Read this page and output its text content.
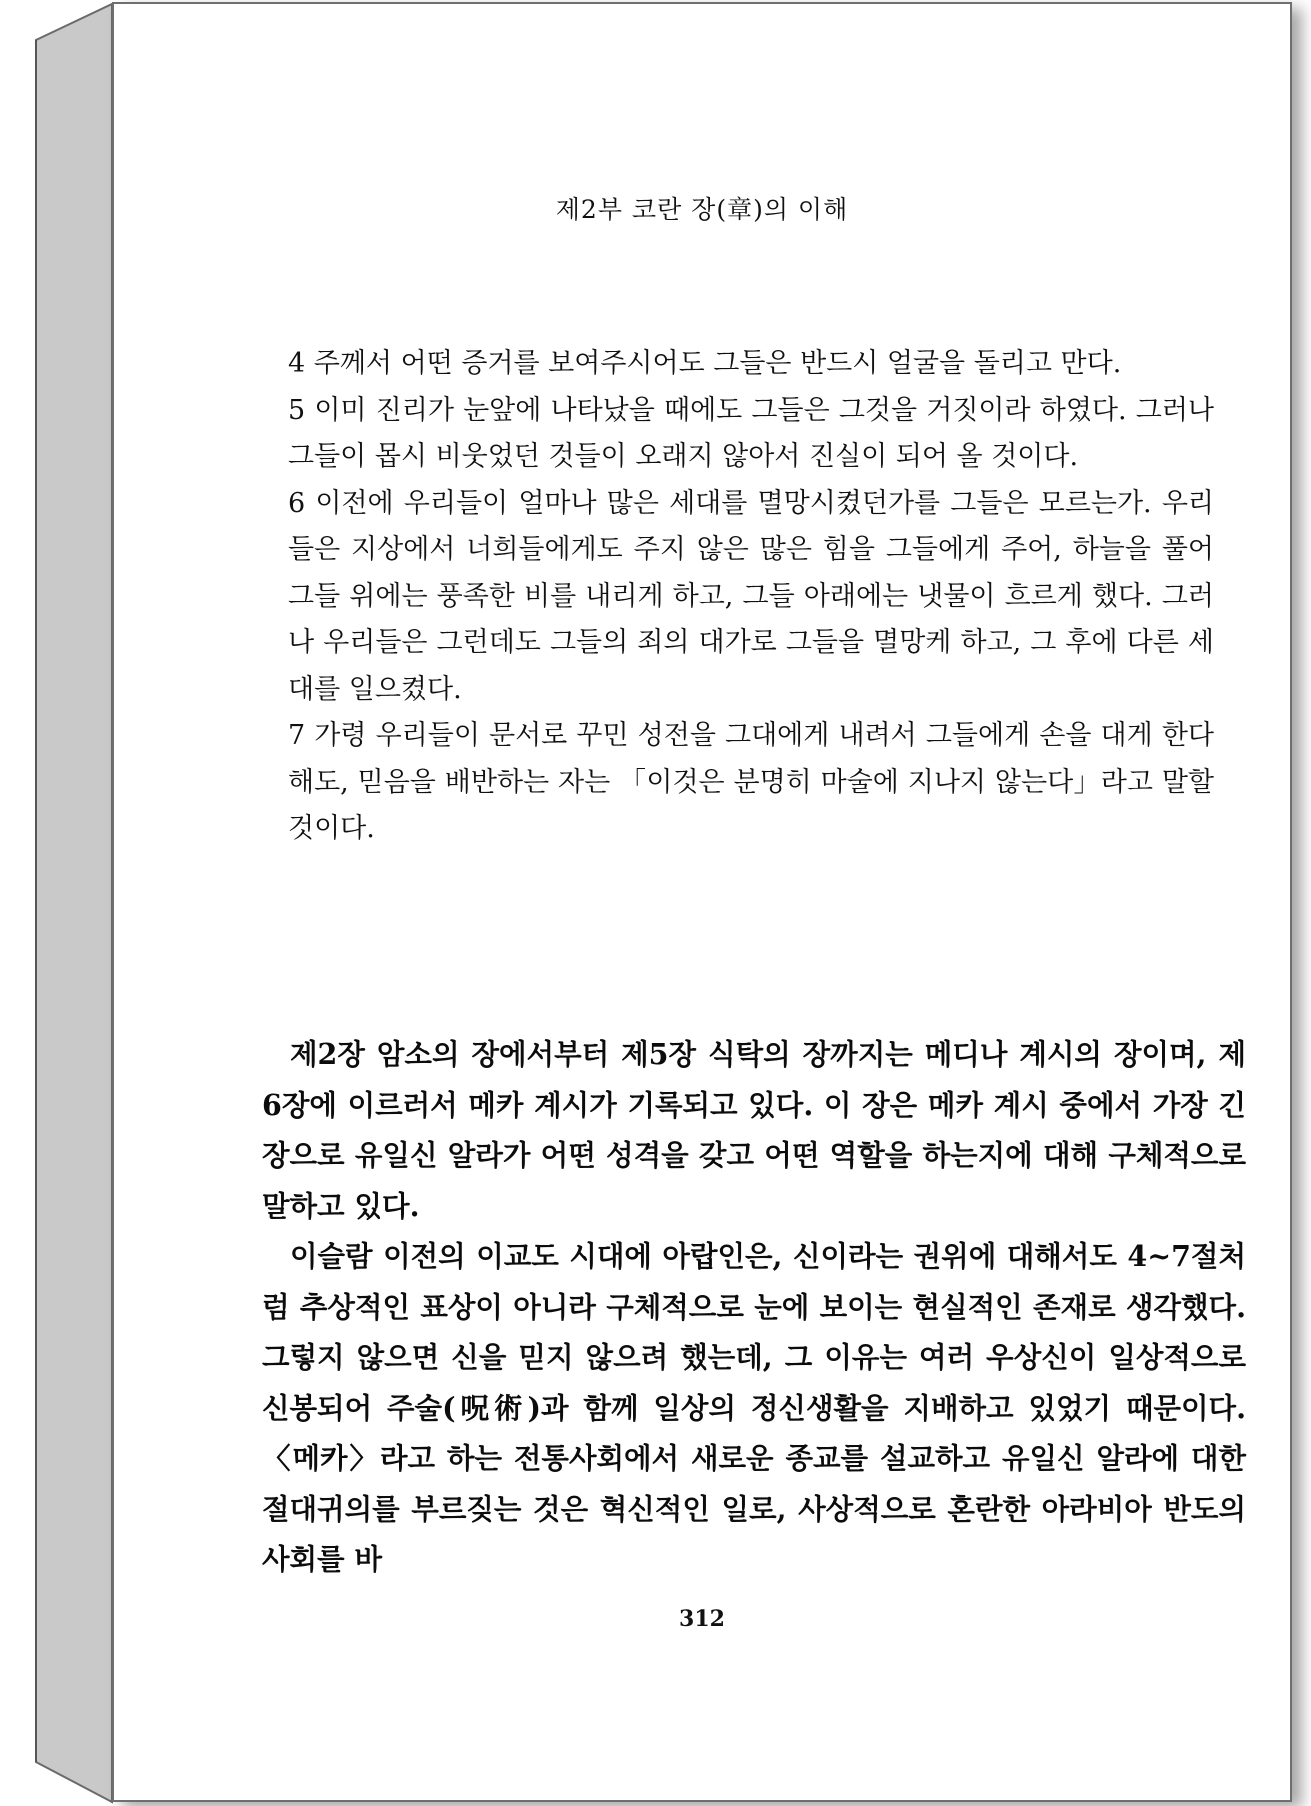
제2부 코란 장(章)의 이해

4 주께서 어떤 증거를 보여주시어도 그들은 반드시 얼굴을 돌리고 만다.

5 이미 진리가 눈앞에 나타났을 때에도 그들은 그것을 거짓이라 하였다. 그러나 그들이 몹시 비웃었던 것들이 오래지 않아서 진실이 되어 올 것이다.

6 이전에 우리들이 얼마나 많은 세대를 멸망시켰던가를 그들은 모르는가. 우리들은 지상에서 너희들에게도 주지 않은 많은 힘을 그들에게 주어, 하늘을 풀어 그들 위에는 풍족한 비를 내리게 하고, 그들 아래에는 냇물이 흐르게 했다. 그러나 우리들은 그런데도 그들의 죄의 대가로 그들을 멸망케 하고, 그 후에 다른 세대를 일으켰다.

7 가령 우리들이 문서로 꾸민 성전을 그대에게 내려서 그들에게 손을 대게 한다 해도, 믿음을 배반하는 자는 「이것은 분명히 마술에 지나지 않는다」라고 말할 것이다.

제2장 암소의 장에서부터 제5장 식탁의 장까지는 메디나 계시의 장이며, 제6장에 이르러서 메카 계시가 기록되고 있다. 이 장은 메카 계시 중에서 가장 긴 장으로 유일신 알라가 어떤 성격을 갖고 어떤 역할을 하는지에 대해 구체적으로 말하고 있다.

이슬람 이전의 이교도 시대에 아랍인은, 신이라는 권위에 대해서도 4~7절처럼 추상적인 표상이 아니라 구체적으로 눈에 보이는 현실적인 존재로 생각했다. 그렇지 않으면 신을 믿지 않으려 했는데, 그 이유는 여러 우상신이 일상적으로 신봉되어 주술(呪術)과 함께 일상의 정신생활을 지배하고 있었기 때문이다. 〈메카〉라고 하는 전통사회에서 새로운 종교를 설교하고 유일신 알라에 대한 절대귀의를 부르짖는 것은 혁신적인 일로, 사상적으로 혼란한 아라비아 반도의 사회를 바

312
